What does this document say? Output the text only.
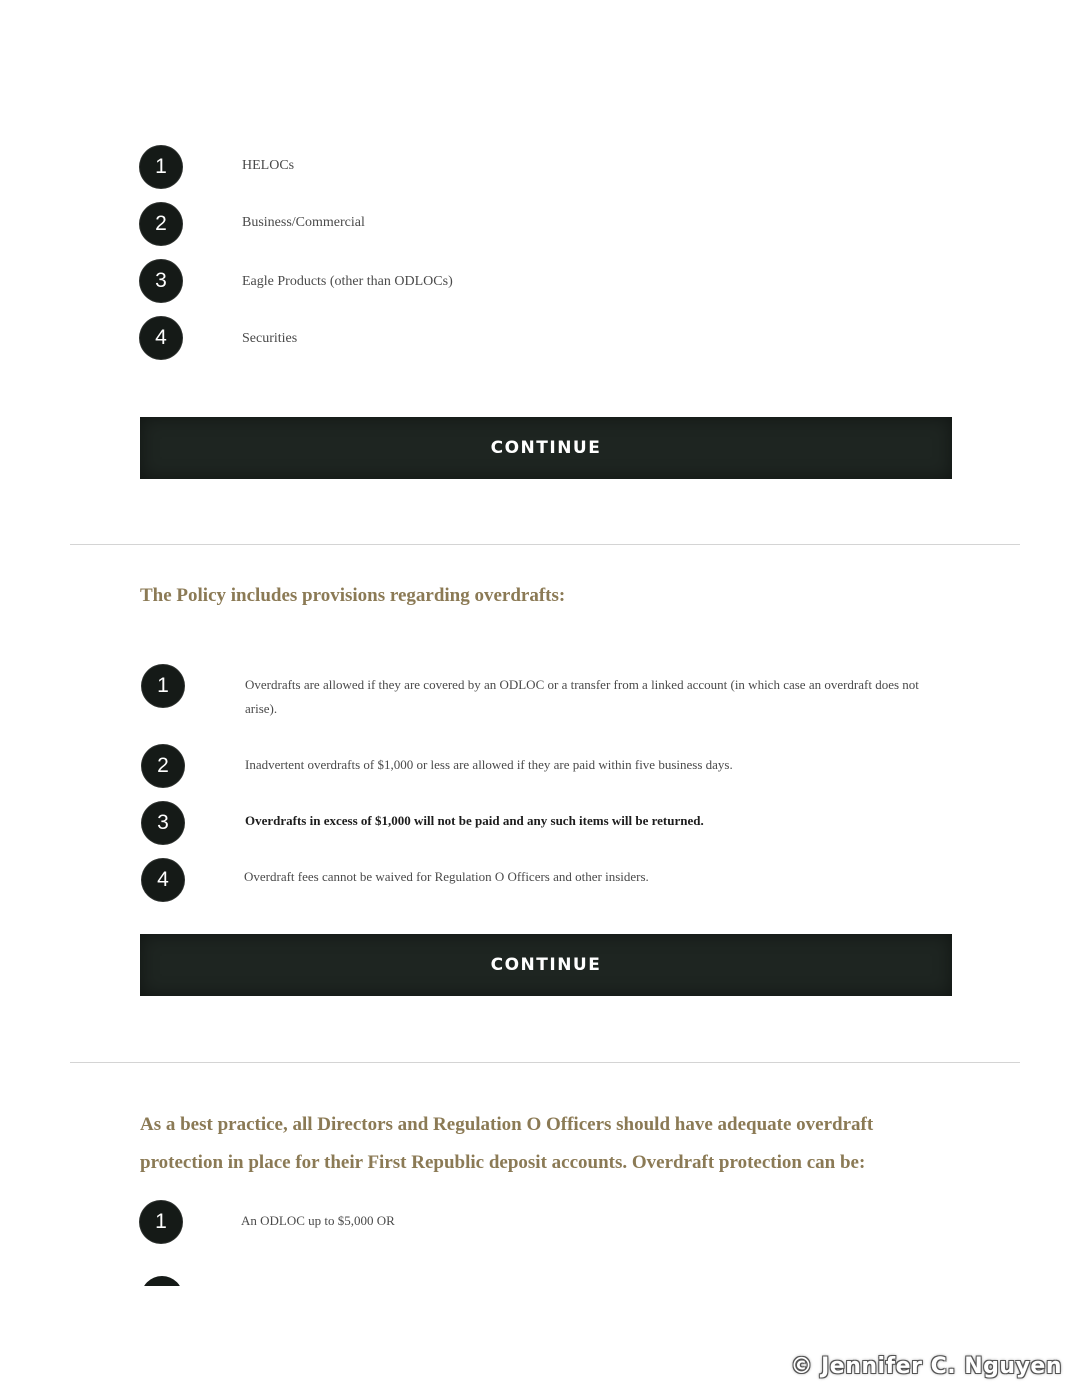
1	HELOCs
2	Business/Commercial
3	Eagle Products (other than ODLOCs)
4	Securities
CONTINUE
The Policy includes provisions regarding overdrafts:
1	Overdrafts are allowed if they are covered by an ODLOC or a transfer from a linked account (in which case an overdraft does not arise).
2	Inadvertent overdrafts of $1,000 or less are allowed if they are paid within five business days.
3	Overdrafts in excess of $1,000 will not be paid and any such items will be returned.
4	Overdraft fees cannot be waived for Regulation O Officers and other insiders.
CONTINUE
As a best practice, all Directors and Regulation O Officers should have adequate overdraft protection in place for their First Republic deposit accounts. Overdraft protection can be:
1	An ODLOC up to $5,000 OR
© Jennifer C. Nguyen
